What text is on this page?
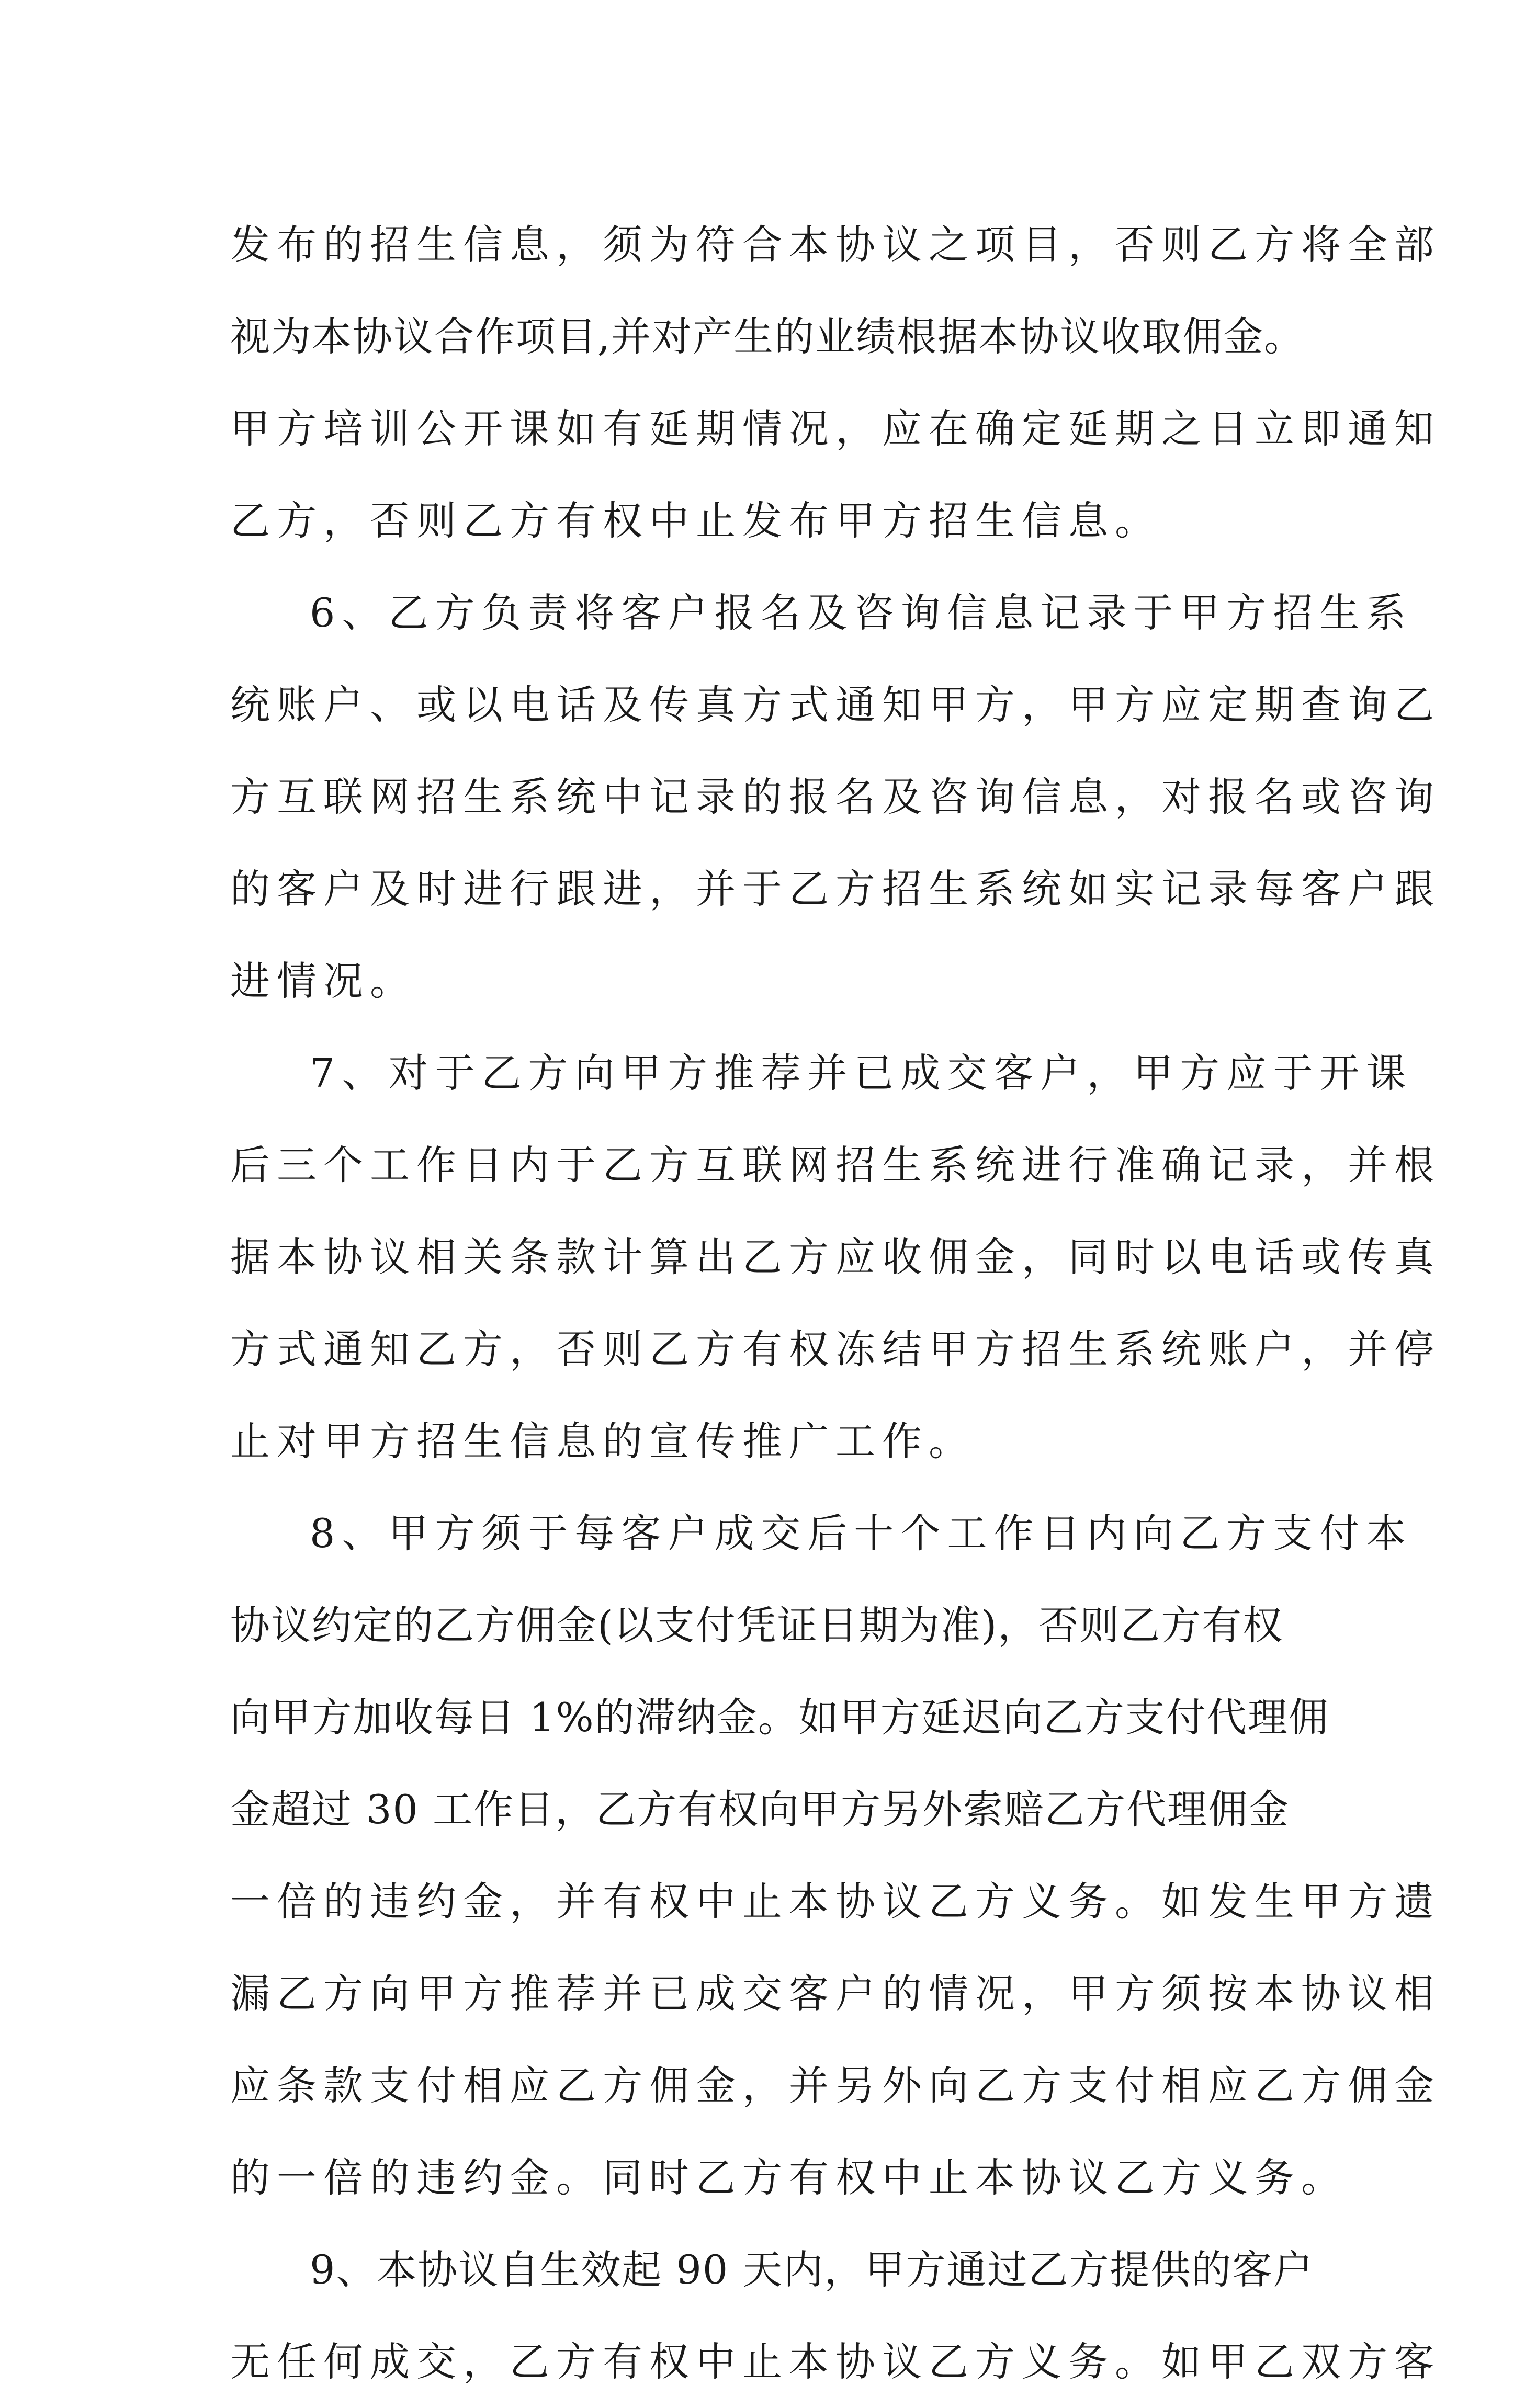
发布的招生信息，须为符合本协议之项目，否则乙方将全部
视为本协议合作项目,并对产生的业绩根据本协议收取佣金。
甲方培训公开课如有延期情况，应在确定延期之日立即通知
乙方，否则乙方有权中止发布甲方招生信息。
6、乙方负责将客户报名及咨询信息记录于甲方招生系
统账户、或以电话及传真方式通知甲方，甲方应定期查询乙
方互联网招生系统中记录的报名及咨询信息，对报名或咨询
的客户及时进行跟进，并于乙方招生系统如实记录每客户跟
进情况。
7、对于乙方向甲方推荐并已成交客户，甲方应于开课
后三个工作日内于乙方互联网招生系统进行准确记录，并根
据本协议相关条款计算出乙方应收佣金，同时以电话或传真
方式通知乙方，否则乙方有权冻结甲方招生系统账户，并停
止对甲方招生信息的宣传推广工作。
8、甲方须于每客户成交后十个工作日内向乙方支付本
协议约定的乙方佣金(以支付凭证日期为准)，否则乙方有权
向甲方加收每日 1%的滞纳金。如甲方延迟向乙方支付代理佣
金超过 30 工作日，乙方有权向甲方另外索赔乙方代理佣金
一倍的违约金，并有权中止本协议乙方义务。如发生甲方遗
漏乙方向甲方推荐并已成交客户的情况，甲方须按本协议相
应条款支付相应乙方佣金，并另外向乙方支付相应乙方佣金
的一倍的违约金。同时乙方有权中止本协议乙方义务。
9、本协议自生效起 90 天内，甲方通过乙方提供的客户
无任何成交，乙方有权中止本协议乙方义务。如甲乙双方客
